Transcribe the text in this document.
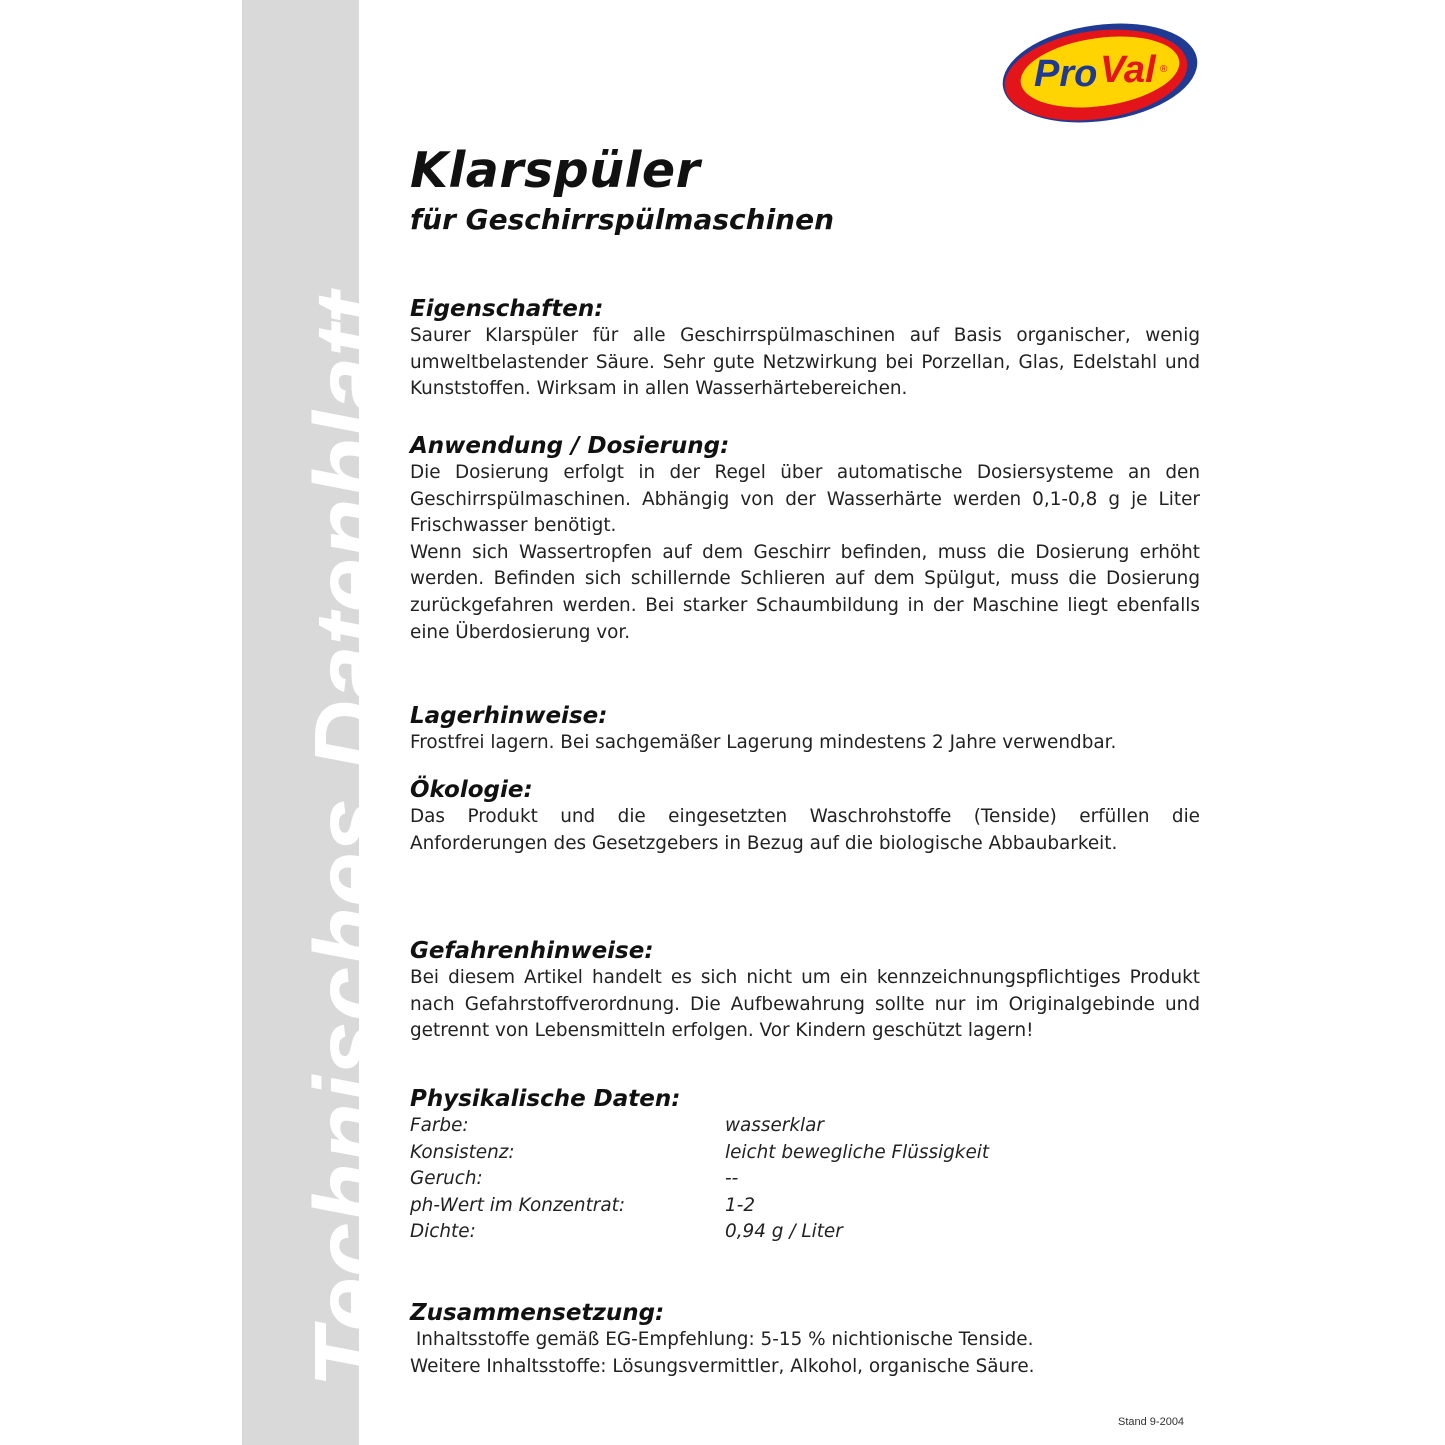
Technisches Datenblatt
Pro Val ®
Klarspüler
für Geschirrspülmaschinen
Eigenschaften:

Saurer Klarspüler für alle Geschirrspülmaschinen auf Basis organischer, wenig umweltbelastender Säure. Sehr gute Netzwirkung bei Porzellan, Glas, Edelstahl und Kunststoffen. Wirksam in allen Wasserhärtebereichen.

Anwendung / Dosierung:

Die Dosierung erfolgt in der Regel über automatische Dosiersysteme an den Geschirrspülmaschinen. Abhängig von der Wasserhärte werden 0,1-0,8 g je Liter Frischwasser benötigt.

Wenn sich Wassertropfen auf dem Geschirr befinden, muss die Dosierung erhöht werden. Befinden sich schillernde Schlieren auf dem Spülgut, muss die Dosierung zurückgefahren werden. Bei starker Schaumbildung in der Maschine liegt ebenfalls eine Überdosierung vor.

Lagerhinweise:

Frostfrei lagern. Bei sachgemäßer Lagerung mindestens 2 Jahre verwendbar.

Ökologie:

Das Produkt und die eingesetzten Waschrohstoffe (Tenside) erfüllen die Anforderungen des Gesetzgebers in Bezug auf die biologische Abbaubarkeit.

Gefahrenhinweise:

Bei diesem Artikel handelt es sich nicht um ein kennzeichnungspflichtiges Produkt nach Gefahrstoffverordnung. Die Aufbewahrung sollte nur im Originalgebinde und getrennt von Lebensmitteln erfolgen. Vor Kindern geschützt lagern!

Physikalische Daten:
Farbe:	wasserklar
Konsistenz:	leicht bewegliche Flüssigkeit
Geruch:	--
ph-Wert im Konzentrat:	1-2
Dichte:	0,94 g / Liter
Zusammensetzung:

Inhaltsstoffe gemäß EG-Empfehlung: 5-15 % nichtionische Tenside.

Weitere Inhaltsstoffe: Lösungsvermittler, Alkohol, organische Säure.

Stand 9-2004
